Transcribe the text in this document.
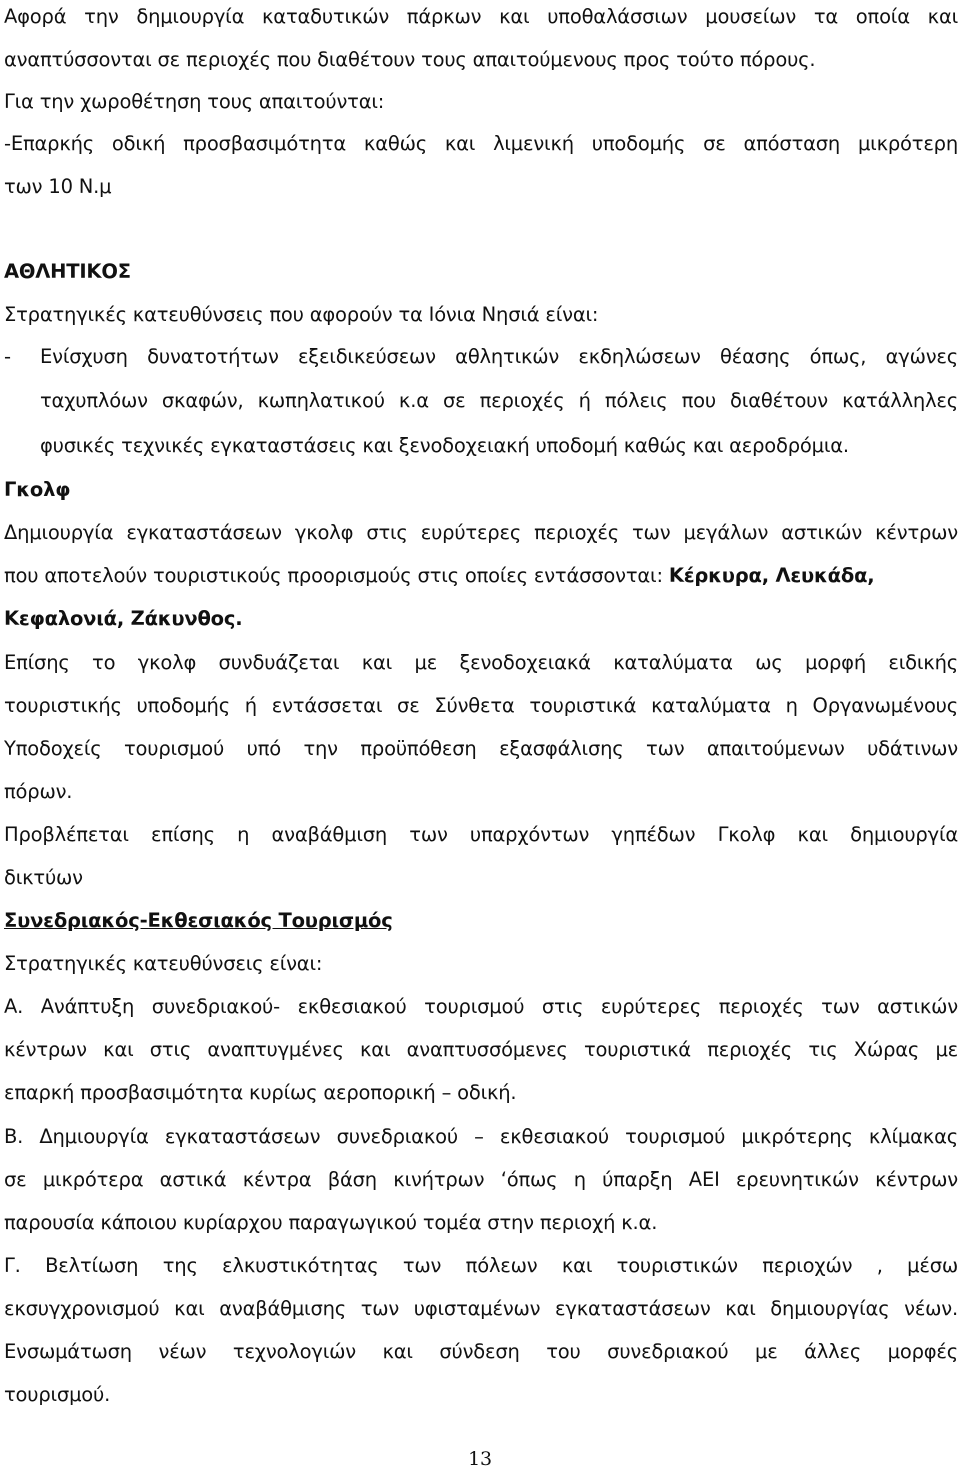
Αφορά την δημιουργία καταδυτικών πάρκων και υποθαλάσσιων μουσείων τα οποία και
αναπτύσσονται σε περιοχές που διαθέτουν τους απαιτούμενους προς τούτο πόρους.
Για την χωροθέτηση τους απαιτούνται:
-Επαρκής οδική προσβασιμότητα καθώς και λιμενική υποδομής σε απόσταση μικρότερη
των 10 Ν.μ
ΑΘΛΗΤΙΚΟΣ
Στρατηγικές κατευθύνσεις που αφορούν τα Ιόνια Νησιά είναι:
-	Ενίσχυση δυνατοτήτων εξειδικεύσεων αθλητικών εκδηλώσεων θέασης όπως, αγώνες
ταχυπλόων σκαφών, κωπηλατικού κ.α σε περιοχές ή πόλεις που διαθέτουν κατάλληλες
φυσικές τεχνικές εγκαταστάσεις και ξενοδοχειακή υποδομή καθώς και αεροδρόμια.
Γκολφ
Δημιουργία εγκαταστάσεων γκολφ στις ευρύτερες περιοχές των μεγάλων αστικών κέντρων
που αποτελούν τουριστικούς προορισμούς στις οποίες εντάσσονται: Κέρκυρα, Λευκάδα,
Κεφαλονιά, Ζάκυνθος.
Επίσης το γκολφ συνδυάζεται και με ξενοδοχειακά καταλύματα ως μορφή ειδικής
τουριστικής υποδομής ή εντάσσεται σε Σύνθετα τουριστικά καταλύματα η Οργανωμένους
Υποδοχείς τουρισμού υπό την προϋπόθεση εξασφάλισης των απαιτούμενων υδάτινων
πόρων.
Προβλέπεται επίσης η αναβάθμιση των υπαρχόντων γηπέδων Γκολφ και δημιουργία
δικτύων
Συνεδριακός-Εκθεσιακός Τουρισμός
Στρατηγικές κατευθύνσεις είναι:
Α. Ανάπτυξη συνεδριακού- εκθεσιακού τουρισμού στις ευρύτερες περιοχές των αστικών
κέντρων και στις αναπτυγμένες και αναπτυσσόμενες τουριστικά περιοχές τις Χώρας με
επαρκή προσβασιμότητα κυρίως αεροπορική – οδική.
Β. Δημιουργία εγκαταστάσεων συνεδριακού – εκθεσιακού τουρισμού μικρότερης κλίμακας
σε μικρότερα αστικά κέντρα βάση κινήτρων ‘όπως η ύπαρξη ΑΕΙ ερευνητικών κέντρων
παρουσία κάποιου κυρίαρχου παραγωγικού τομέα στην περιοχή κ.α.
Γ. Βελτίωση της ελκυστικότητας των πόλεων και τουριστικών περιοχών , μέσω
εκσυγχρονισμού και αναβάθμισης των υφισταμένων εγκαταστάσεων και δημιουργίας νέων.
Ενσωμάτωση νέων τεχνολογιών και σύνδεση του συνεδριακού με άλλες μορφές
τουρισμού.
13
